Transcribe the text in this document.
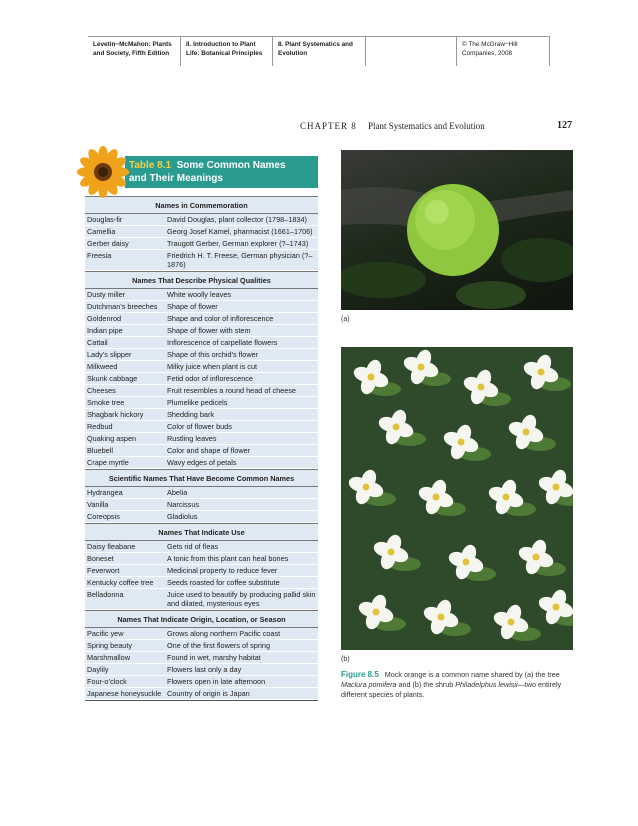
Levetin−McMahon: Plants
and Society, Fifth Edition
II. Introduction to Plant
Life: Botanical Principles
8. Plant Systematics and
Evolution
© The McGraw−Hill
Companies, 2008
CHAPTER 8 Plant Systematics and Evolution	127
Table 8.1 Some Common Names
and Their Meanings
Names in Commemoration
Douglas-fir	David Douglas, plant collector (1798–1834)
Camellia	Georg Josef Kamel, pharmacist (1661–1706)
Gerber daisy	Traugott Gerber, German explorer (?–1743)
Freesia	Friedrich H. T. Freese, German physician (?–1876)
Names That Describe Physical Qualities
Dusty miller	White woolly leaves
Dutchman’s breeches	Shape of flower
Goldenrod	Shape and color of inflorescence
Indian pipe	Shape of flower with stem
Cattail	Inflorescence of carpellate flowers
Lady’s slipper	Shape of this orchid’s flower
Milkweed	Milky juice when plant is cut
Skunk cabbage	Fetid odor of inflorescence
Cheeses	Fruit resembles a round head of cheese
Smoke tree	Plumelike pedicels
Shagbark hickory	Shedding bark
Redbud	Color of flower buds
Quaking aspen	Rustling leaves
Bluebell	Color and shape of flower
Crape myrtle	Wavy edges of petals
Scientific Names That Have Become Common Names
Hydrangea	Abelia
Vanilla	Narcissus
Coreopsis	Gladiolus
Names That Indicate Use
Daisy fleabane	Gets rid of fleas
Boneset	A tonic from this plant can heal bones
Feverwort	Medicinal property to reduce fever
Kentucky coffee tree	Seeds roasted for coffee substitute
Belladonna	Juice used to beautify by producing pallid skin and dilated, mysterious eyes
Names That Indicate Origin, Location, or Season
Pacific yew	Grows along northern Pacific coast
Spring beauty	One of the first flowers of spring
Marshmallow	Found in wet, marshy habitat
Daylily	Flowers last only a day
Four-o’clock	Flowers open in late afternoon
Japanese honeysuckle Country of origin is Japan
(a)
(b)
Figure 8.5 Mock orange is a common name shared by (a) the tree Maclura pomifera and (b) the shrub Philadelphus lewisii—two entirely different species of plants.
